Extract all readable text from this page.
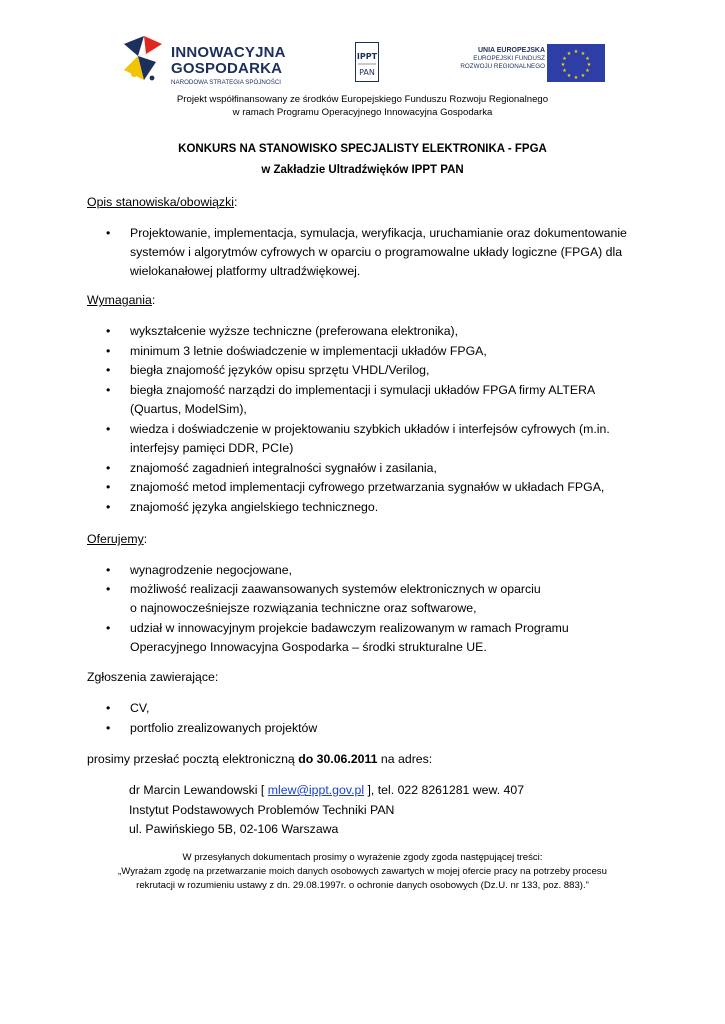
INNOWACYJNA
GOSPODARKA
NARODOWA STRATEGIA SPÓJNOŚCI
IPPT
PAN
UNIA EUROPEJSKA
EUROPEJSKI FUNDUSZ
ROZWOJU REGIONALNEGO
★ ★
★
★
★
★
★
★
★
★
★
★
Projekt współfinansowany ze środków Europejskiego Funduszu Rozwoju Regionalnego
w ramach Programu Operacyjnego Innowacyjna Gospodarka
KONKURS NA STANOWISKO SPECJALISTY ELEKTRONIKA - FPGA
w Zakładzie Ultradźwięków IPPT PAN
Opis stanowiska/obowiązki:
• Projektowanie, implementacja, symulacja, weryfikacja, uruchamianie oraz dokumentowanie
systemów i algorytmów cyfrowych w oparciu o programowalne układy logiczne (FPGA) dla
wielokanałowej platformy ultradźwiękowej.
Wymagania:
• wykształcenie wyższe techniczne (preferowana elektronika),
• minimum 3 letnie doświadczenie w implementacji układów FPGA,
• biegła znajomość języków opisu sprzętu VHDL/Verilog,
• biegła znajomość narządzi do implementacji i symulacji układów FPGA firmy ALTERA
(Quartus, ModelSim),
• wiedza i doświadczenie w projektowaniu szybkich układów i interfejsów cyfrowych (m.in.
interfejsy pamięci DDR, PCIe)
• znajomość zagadnień integralności sygnałów i zasilania,
• znajomość metod implementacji cyfrowego przetwarzania sygnałów w układach FPGA,
• znajomość języka angielskiego technicznego.
Oferujemy:
• wynagrodzenie negocjowane,
• możliwość realizacji zaawansowanych systemów elektronicznych w oparciu
o najnowocześniejsze rozwiązania techniczne oraz softwarowe,
• udział w innowacyjnym projekcie badawczym realizowanym w ramach Programu
Operacyjnego Innowacyjna Gospodarka – środki strukturalne UE.
Zgłoszenia zawierające:
• CV,
• portfolio zrealizowanych projektów
prosimy przesłać pocztą elektroniczną do 30.06.2011 na adres:
dr Marcin Lewandowski [ mlew@ippt.gov.pl ], tel. 022 8261281 wew. 407
Instytut Podstawowych Problemów Techniki PAN
ul. Pawińskiego 5B, 02-106 Warszawa
W przesyłanych dokumentach prosimy o wyrażenie zgody zgoda następującej treści:
„Wyrażam zgodę na przetwarzanie moich danych osobowych zawartych w mojej ofercie pracy na potrzeby procesu
rekrutacji w rozumieniu ustawy z dn. 29.08.1997r. o ochronie danych osobowych (Dz.U. nr 133, poz. 883).”
